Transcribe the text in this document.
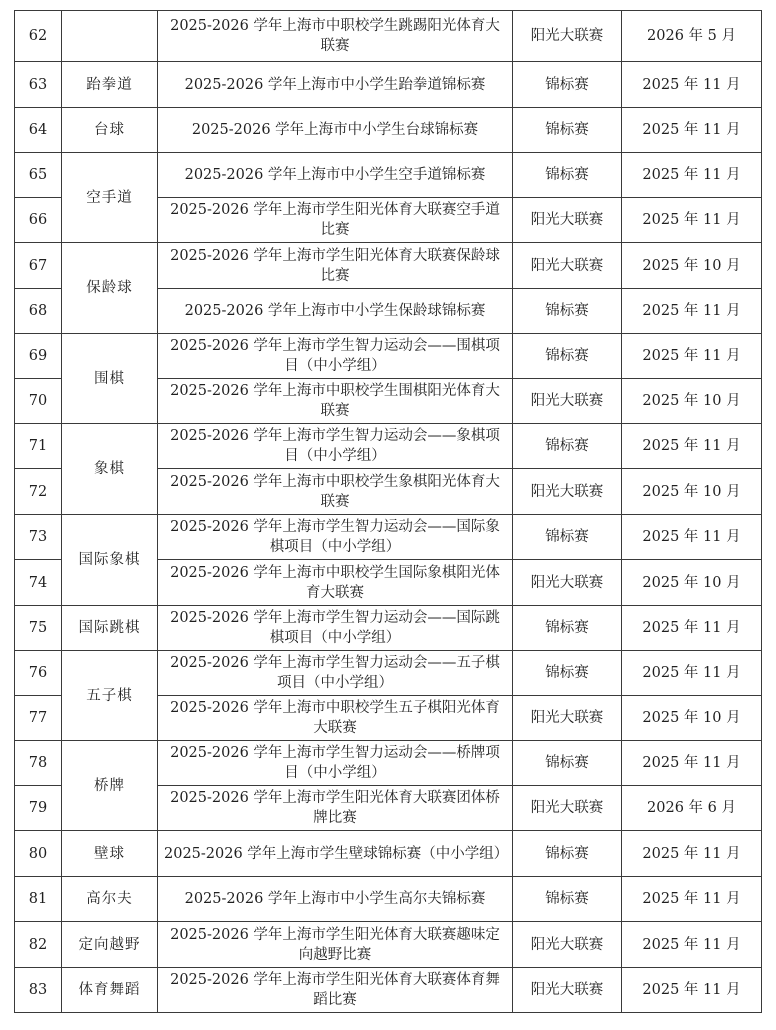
62		2025-2026 学年上海市中职校学生跳踢阳光体育大联赛	阳光大联赛	2026 年 5 月
63	跆拳道	2025-2026 学年上海市中小学生跆拳道锦标赛	锦标赛	2025 年 11 月
64	台球	2025-2026 学年上海市中小学生台球锦标赛	锦标赛	2025 年 11 月
65	空手道	2025-2026 学年上海市中小学生空手道锦标赛	锦标赛	2025 年 11 月
66		2025-2026 学年上海市学生阳光体育大联赛空手道比赛	阳光大联赛	2025 年 11 月
67	保龄球	2025-2026 学年上海市学生阳光体育大联赛保龄球比赛	阳光大联赛	2025 年 10 月
68		2025-2026 学年上海市中小学生保龄球锦标赛	锦标赛	2025 年 11 月
69	围棋	2025-2026 学年上海市学生智力运动会——围棋项目（中小学组）	锦标赛	2025 年 11 月
70		2025-2026 学年上海市中职校学生围棋阳光体育大联赛	阳光大联赛	2025 年 10 月
71	象棋	2025-2026 学年上海市学生智力运动会——象棋项目（中小学组）	锦标赛	2025 年 11 月
72		2025-2026 学年上海市中职校学生象棋阳光体育大联赛	阳光大联赛	2025 年 10 月
73	国际象棋	2025-2026 学年上海市学生智力运动会——国际象棋项目（中小学组）	锦标赛	2025 年 11 月
74		2025-2026 学年上海市中职校学生国际象棋阳光体育大联赛	阳光大联赛	2025 年 10 月
75	国际跳棋	2025-2026 学年上海市学生智力运动会——国际跳棋项目（中小学组）	锦标赛	2025 年 11 月
76	五子棋	2025-2026 学年上海市学生智力运动会——五子棋项目（中小学组）	锦标赛	2025 年 11 月
77		2025-2026 学年上海市中职校学生五子棋阳光体育大联赛	阳光大联赛	2025 年 10 月
78	桥牌	2025-2026 学年上海市学生智力运动会——桥牌项目（中小学组）	锦标赛	2025 年 11 月
79		2025-2026 学年上海市学生阳光体育大联赛团体桥牌比赛	阳光大联赛	2026 年 6 月
80	壁球	2025-2026 学年上海市学生壁球锦标赛（中小学组）	锦标赛	2025 年 11 月
81	高尔夫	2025-2026 学年上海市中小学生高尔夫锦标赛	锦标赛	2025 年 11 月
82	定向越野	2025-2026 学年上海市学生阳光体育大联赛趣味定向越野比赛	阳光大联赛	2025 年 11 月
83	体育舞蹈	2025-2026 学年上海市学生阳光体育大联赛体育舞蹈比赛	阳光大联赛	2025 年 11 月
